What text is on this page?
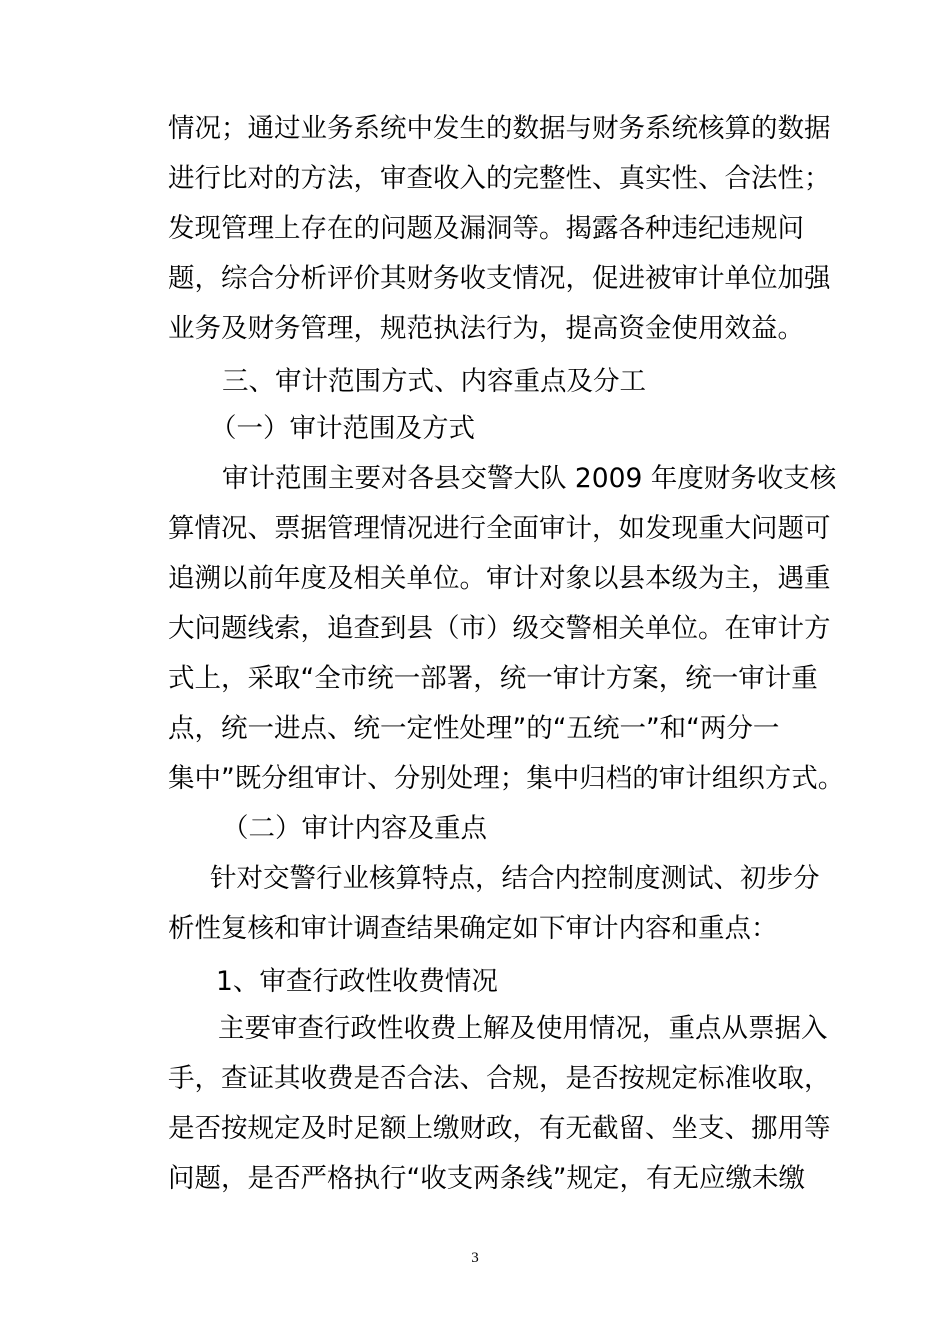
情况；通过业务系统中发生的数据与财务系统核算的数据
进行比对的方法，审查收入的完整性、真实性、合法性；
发现管理上存在的问题及漏洞等。揭露各种违纪违规问
题，综合分析评价其财务收支情况，促进被审计单位加强
业务及财务管理，规范执法行为，提高资金使用效益。
三、审计范围方式、内容重点及分工
（一）审计范围及方式
审计范围主要对各县交警大队 2009 年度财务收支核
算情况、票据管理情况进行全面审计，如发现重大问题可
追溯以前年度及相关单位。审计对象以县本级为主，遇重
大问题线索，追查到县（市）级交警相关单位。在审计方
式上，采取“全市统一部署，统一审计方案，统一审计重
点，统一进点、统一定性处理”的“五统一”和“两分一
集中”既分组审计、分别处理；集中归档的审计组织方式。
（二）审计内容及重点
针对交警行业核算特点，结合内控制度测试、初步分
析性复核和审计调查结果确定如下审计内容和重点：
1、审查行政性收费情况
主要审查行政性收费上解及使用情况，重点从票据入
手，查证其收费是否合法、合规，是否按规定标准收取，
是否按规定及时足额上缴财政，有无截留、坐支、挪用等
问题，是否严格执行“收支两条线”规定，有无应缴未缴
3
